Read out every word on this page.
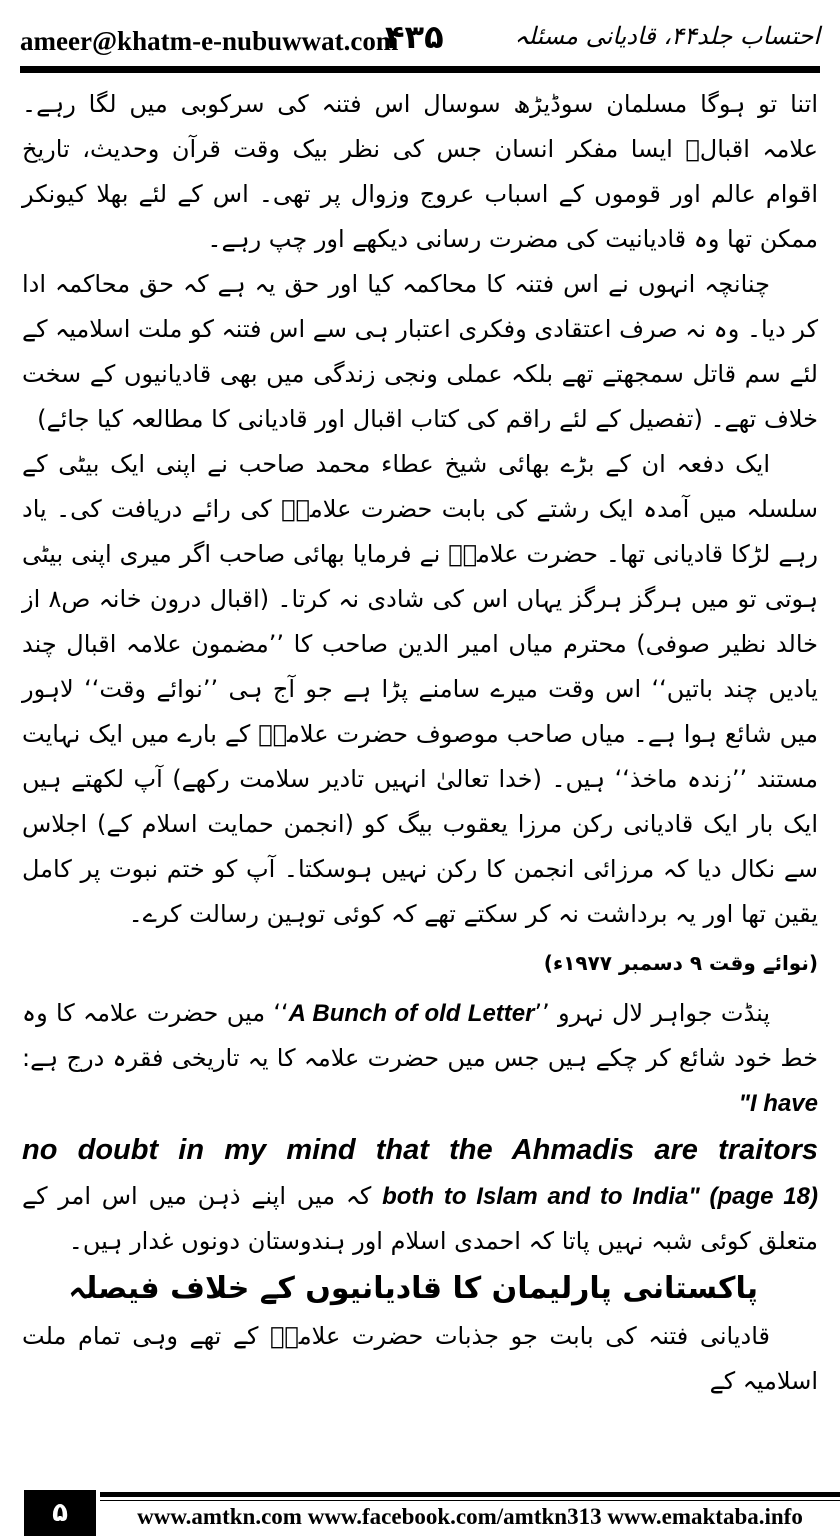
ameer@khatm-e-nubuwwat.com
۴۳۵	احتساب جلد۴۴، قادیانی مسئلہ

اتنا تو ہوگا مسلمان سوڈیڑھ سوسال اس فتنہ کی سرکوبی میں لگا رہے۔ علامہ اقبالؒ ایسا مفکر انسان جس کی نظر بیک وقت قرآن وحدیث، تاریخ اقوام عالم اور قوموں کے اسباب عروج وزوال پر تھی۔ اس کے لئے بھلا کیونکر ممکن تھا وہ قادیانیت کی مضرت رسانی دیکھے اور چپ رہے۔

چنانچہ انہوں نے اس فتنہ کا محاکمہ کیا اور حق یہ ہے کہ حق محاکمہ ادا کر دیا۔ وہ نہ صرف اعتقادی وفکری اعتبار ہی سے اس فتنہ کو ملت اسلامیہ کے لئے سم قاتل سمجھتے تھے بلکہ عملی ونجی زندگی میں بھی قادیانیوں کے سخت خلاف تھے۔ (تفصیل کے لئے راقم کی کتاب اقبال اور قادیانی کا مطالعہ کیا جائے)

ایک دفعہ ان کے بڑے بھائی شیخ عطاء محمد صاحب نے اپنی ایک بیٹی کے سلسلہ میں آمدہ ایک رشتے کی بابت حضرت علامہؒ کی رائے دریافت کی۔ یاد رہے لڑکا قادیانی تھا۔ حضرت علامہؒ نے فرمایا بھائی صاحب اگر میری اپنی بیٹی ہوتی تو میں ہرگز ہرگز یہاں اس کی شادی نہ کرتا۔ (اقبال درون خانہ ص۸ از خالد نظیر صوفی) محترم میاں امیر الدین صاحب کا ’’مضمون علامہ اقبال چند یادیں چند باتیں‘‘ اس وقت میرے سامنے پڑا ہے جو آج ہی ’’نوائے وقت‘‘ لاہور میں شائع ہوا ہے۔ میاں صاحب موصوف حضرت علامہؒ کے بارے میں ایک نہایت مستند ’’زندہ ماخذ‘‘ ہیں۔ (خدا تعالیٰ انہیں تادیر سلامت رکھے) آپ لکھتے ہیں ایک بار ایک قادیانی رکن مرزا یعقوب بیگ کو (انجمن حمایت اسلام کے) اجلاس سے نکال دیا کہ مرزائی انجمن کا رکن نہیں ہوسکتا۔ آپ کو ختم نبوت پر کامل یقین تھا اور یہ برداشت نہ کر سکتے تھے کہ کوئی توہین رسالت کرے۔

(نوائے وقت ۹ دسمبر ۱۹۷۷ء)

پنڈت جواہر لال نہرو ’’A Bunch of old Letter‘‘ میں حضرت علامہ کا وہ خط خود شائع کر چکے ہیں جس میں حضرت علامہ کا یہ تاریخی فقرہ درج ہے: "I have

no doubt in my mind that the Ahmadis are traitors

both to Islam and to India" (page 18) کہ میں اپنے ذہن میں اس امر کے متعلق کوئی شبہ نہیں پاتا کہ احمدی اسلام اور ہندوستان دونوں غدار ہیں۔

پاکستانی پارلیمان کا قادیانیوں کے خلاف فیصلہ

قادیانی فتنہ کی بابت جو جذبات حضرت علامہؒ کے تھے وہی تمام ملت اسلامیہ کے

۵	www.amtkn.com www.facebook.com/amtkn313 www.emaktaba.info
